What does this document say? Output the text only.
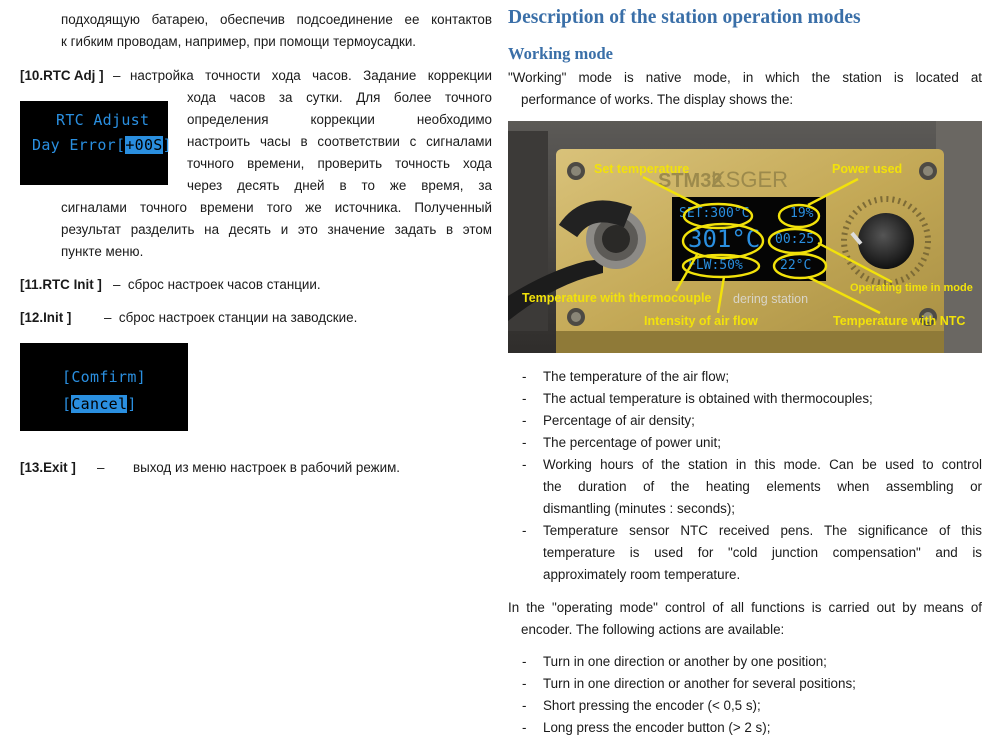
подходящую батарею, обеспечив подсоединение ее контактов
к гибким проводам, например, при помощи термоусадки.
[10.RTC Adj ] – настройка точности хода часов. Задание коррекции
RTC Adjust
Day Error[+00S]
хода часов за сутки. Для более точного
определения коррекции необходимо
настроить часы в соответствии с сигналами
точного времени, проверить точность хода
через десять дней в то же время, за
сигналами точного времени того же источника. Полученный
результат разделить на десять и это значение задать в этом
пункте меню.
[11.RTC Init ] –  сброс настроек часов станции.
[12.Init ] –  сброс настроек станции на заводские.
[Comfirm]
[Cancel]
[13.Exit ] – выход из меню настроек в рабочий режим.
Description of the station operation modes
Working mode
"Working" mode is native mode, in which the station is located at
performance of works. The display shows the:
STM32
KSGER
SET:300°C	19%
301°C 00:25
FLW:50%	22°C
Set temperature	Power used
Temperature with thermocouple
Intensity of air flow	Temperature with NTC
dering station
Operating time in mode
- The temperature of the air flow;
- The actual temperature is obtained with thermocouples;
- Percentage of air density;
- The percentage of power unit;
- Working hours of the station in this mode. Can be used to control
the duration of the heating elements when assembling or
dismantling (minutes : seconds);
- Temperature sensor NTC received pens. The significance of this
temperature is used for "cold junction compensation" and is
approximately room temperature.
In the "operating mode" control of all functions is carried out by means of
encoder. The following actions are available:
- Turn in one direction or another by one position;
- Turn in one direction or another for several positions;
- Short pressing the encoder (< 0,5 s);
- Long press the encoder button (> 2 s);
